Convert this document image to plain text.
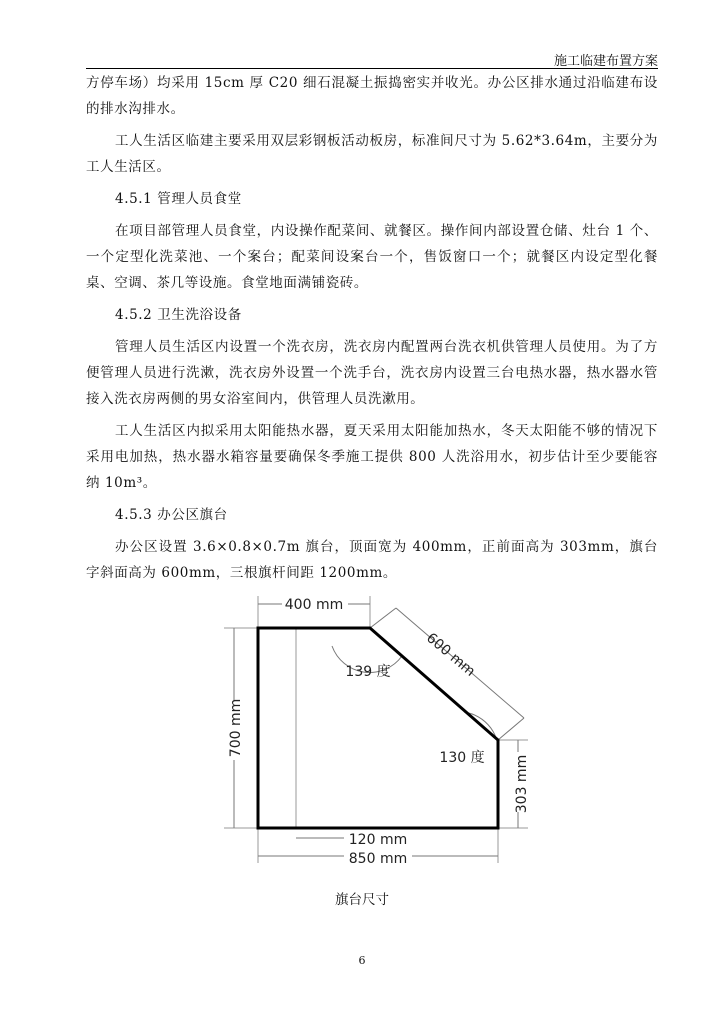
施工临建布置方案

方停车场）均采用 15cm 厚 C20 细石混凝土振捣密实并收光。办公区排水通过沿临建布设的排水沟排水。

工人生活区临建主要采用双层彩钢板活动板房，标准间尺寸为 5.62*3.64m，主要分为工人生活区。

4.5.1 管理人员食堂

在项目部管理人员食堂，内设操作配菜间、就餐区。操作间内部设置仓储、灶台 1 个、一个定型化洗菜池、一个案台；配菜间设案台一个，售饭窗口一个；就餐区内设定型化餐桌、空调、茶几等设施。食堂地面满铺瓷砖。

4.5.2 卫生洗浴设备

管理人员生活区内设置一个洗衣房，洗衣房内配置两台洗衣机供管理人员使用。为了方便管理人员进行洗漱，洗衣房外设置一个洗手台，洗衣房内设置三台电热水器，热水器水管接入洗衣房两侧的男女浴室间内，供管理人员洗漱用。

工人生活区内拟采用太阳能热水器，夏天采用太阳能加热水，冬天太阳能不够的情况下采用电加热，热水器水箱容量要确保冬季施工提供 800 人洗浴用水，初步估计至少要能容纳 10m³。

4.5.3 办公区旗台

办公区设置 3.6×0.8×0.7m 旗台，顶面宽为 400mm，正前面高为 303mm，旗台字斜面高为 600mm，三根旗杆间距 1200mm。

400 mm
700 mm
600 mm
139 度
130 度 303 mm
120 mm
850 mm
旗台尺寸
6
